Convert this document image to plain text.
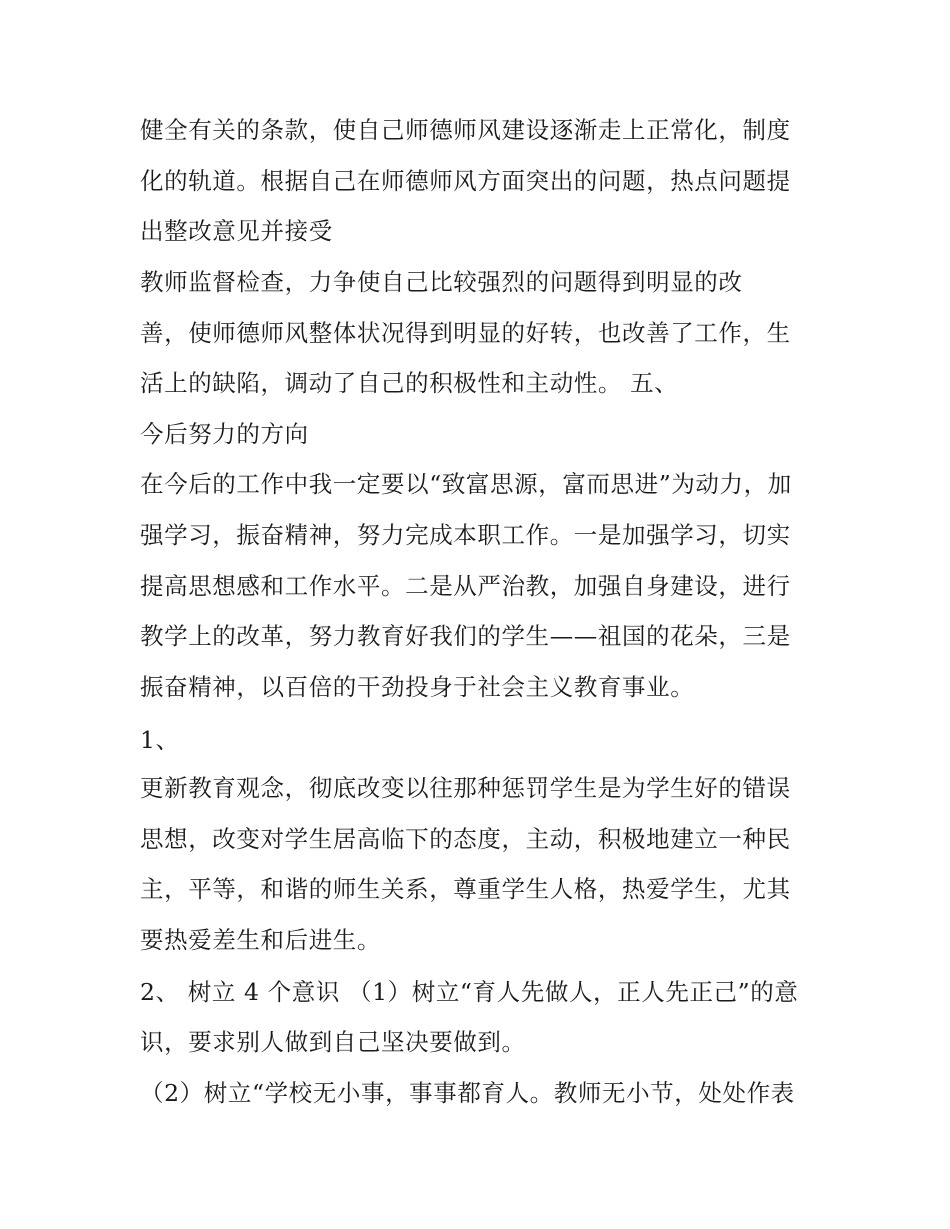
健全有关的条款，使自己师德师风建设逐渐走上正常化，制度

化的轨道。根据自己在师德师风方面突出的问题，热点问题提

出整改意见并接受

教师监督检查，力争使自己比较强烈的问题得到明显的改

善，使师德师风整体状况得到明显的好转，也改善了工作，生

活上的缺陷，调动了自己的积极性和主动性。 五、

今后努力的方向

在今后的工作中我一定要以“致富思源，富而思进”为动力，加

强学习，振奋精神，努力完成本职工作。一是加强学习，切实

提高思想感和工作水平。二是从严治教，加强自身建设，进行

教学上的改革，努力教育好我们的学生——祖国的花朵，三是

振奋精神，以百倍的干劲投身于社会主义教育事业。

1、

更新教育观念，彻底改变以往那种惩罚学生是为学生好的错误

思想，改变对学生居高临下的态度，主动，积极地建立一种民

主，平等，和谐的师生关系，尊重学生人格，热爱学生，尤其

要热爱差生和后进生。

2、 树立 4 个意识 （1）树立“育人先做人，正人先正己”的意

识，要求别人做到自己坚决要做到。

（2）树立“学校无小事，事事都育人。教师无小节，处处作表
